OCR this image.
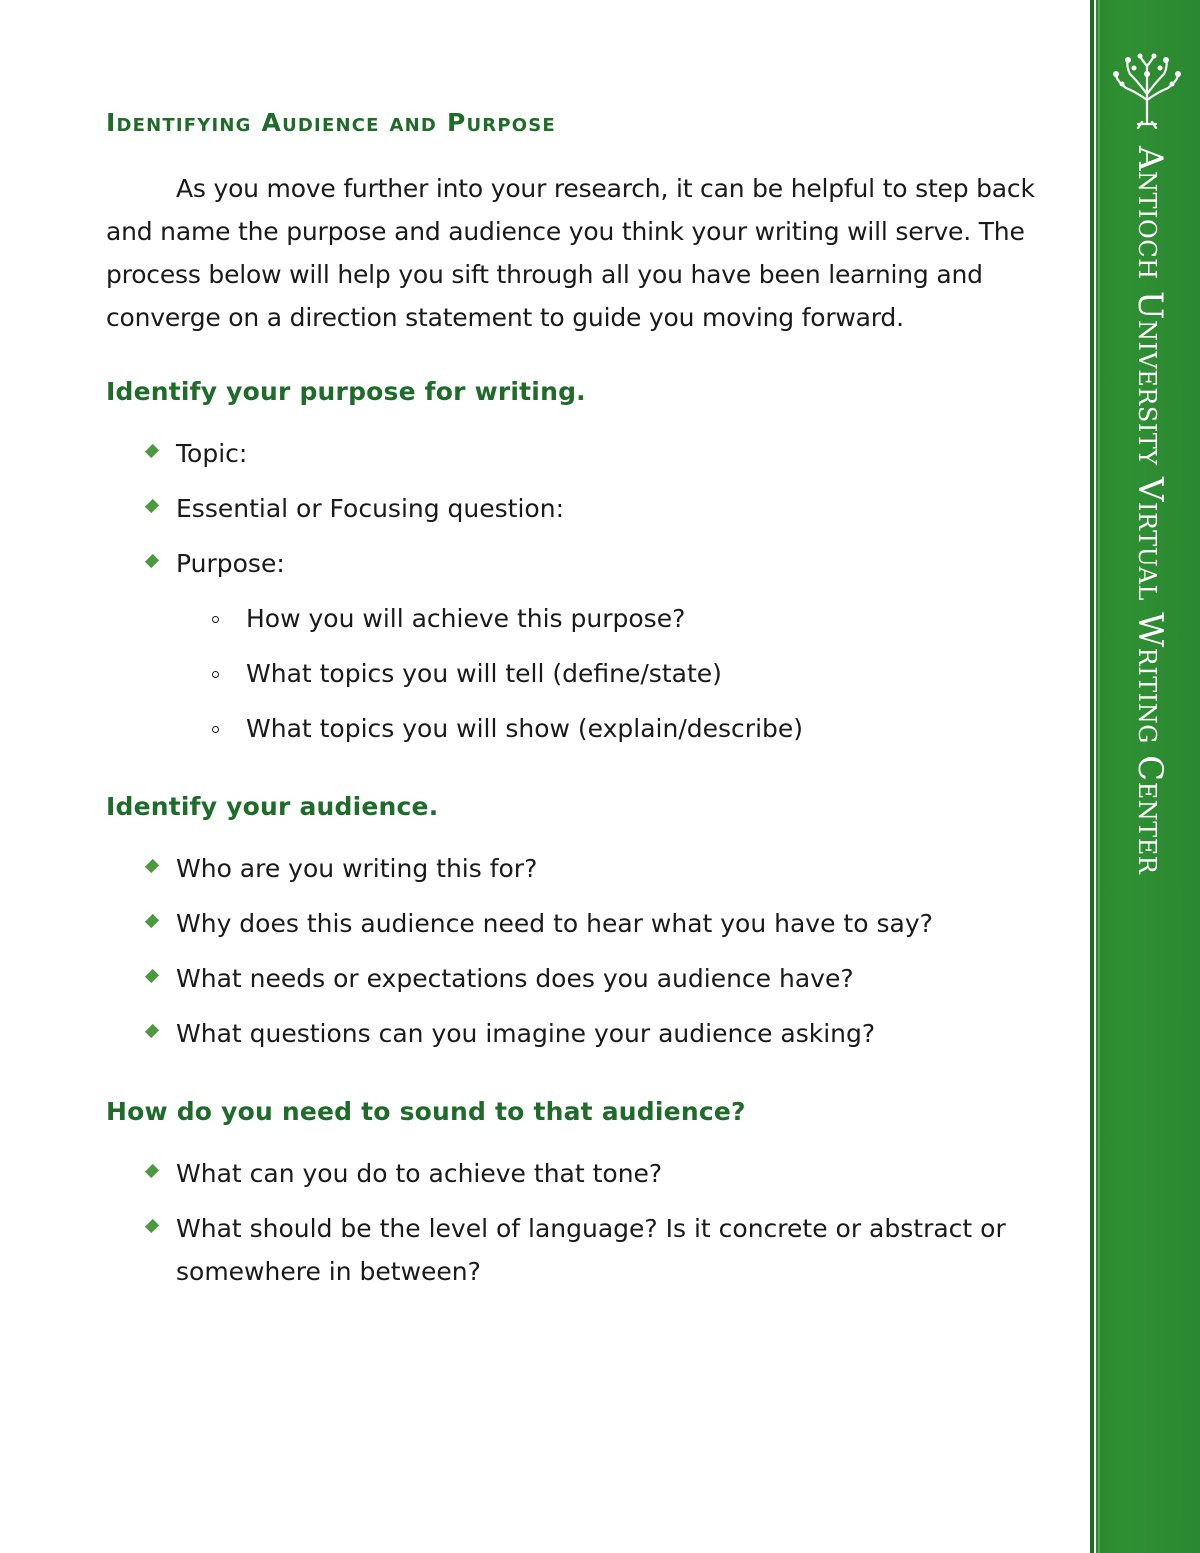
Identifying Audience and Purpose

As you move further into your research, it can be helpful to step back and name the purpose and audience you think your writing will serve. The process below will help you sift through all you have been learning and converge on a direction statement to guide you moving forward.

Identify your purpose for writing.
Topic:
Essential or Focusing question:
Purpose:
How you will achieve this purpose?
What topics you will tell (define/state)
What topics you will show (explain/describe)
Identify your audience.
Who are you writing this for?
Why does this audience need to hear what you have to say?
What needs or expectations does you audience have?
What questions can you imagine your audience asking?
How do you need to sound to that audience?
What can you do to achieve that tone?
What should be the level of language? Is it concrete or abstract or somewhere in between?
Antioch University Virtual Writing Center
